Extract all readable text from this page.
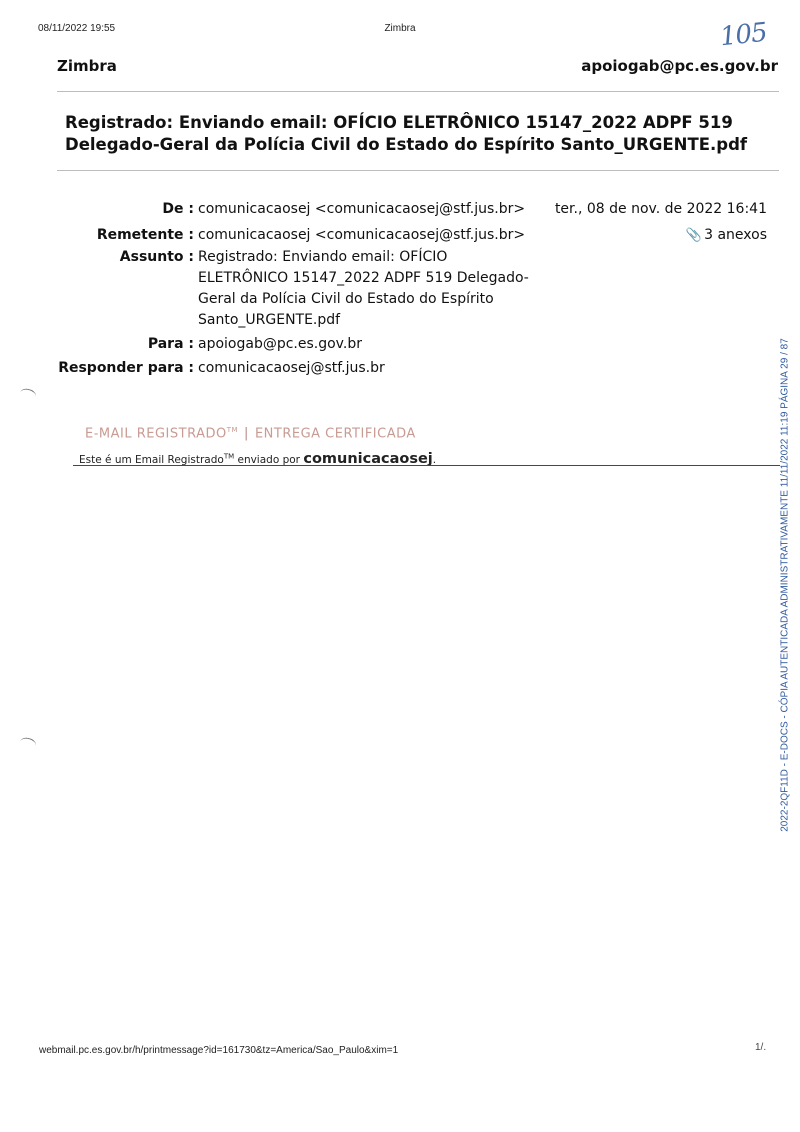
08/11/2022 19:55	Zimbra
Zimbra
105
apoiogab@pc.es.gov.br
Registrado: Enviando email: OFÍCIO ELETRÔNICO 15147_2022 ADPF 519 Delegado-Geral da Polícia Civil do Estado do Espírito Santo_URGENTE.pdf
De : comunicacaosej <comunicacaosej@stf.jus.br> ter., 08 de nov. de 2022 16:41
Remetente : comunicacaosej <comunicacaosej@stf.jus.br>	📎 3 anexos
Assunto : Registrado: Enviando email: OFÍCIO ELETRÔNICO 15147_2022 ADPF 519 Delegado-Geral da Polícia Civil do Estado do Espírito Santo_URGENTE.pdf
Para : apoiogab@pc.es.gov.br
Responder para : comunicacaosej@stf.jus.br
E-MAIL REGISTRADO™ | ENTREGA CERTIFICADA
Este é um Email Registrado™ enviado por comunicacaosej.	2022-2QF11D - E-DOCS - CÓPIA AUTENTICADA ADMINISTRATIVAMENTE 11/11/2022 11:19 PÁGINA 29 / 87
webmail.pc.es.gov.br/h/printmessage?id=161730&tz=America/Sao_Paulo&xim=1	1/.
